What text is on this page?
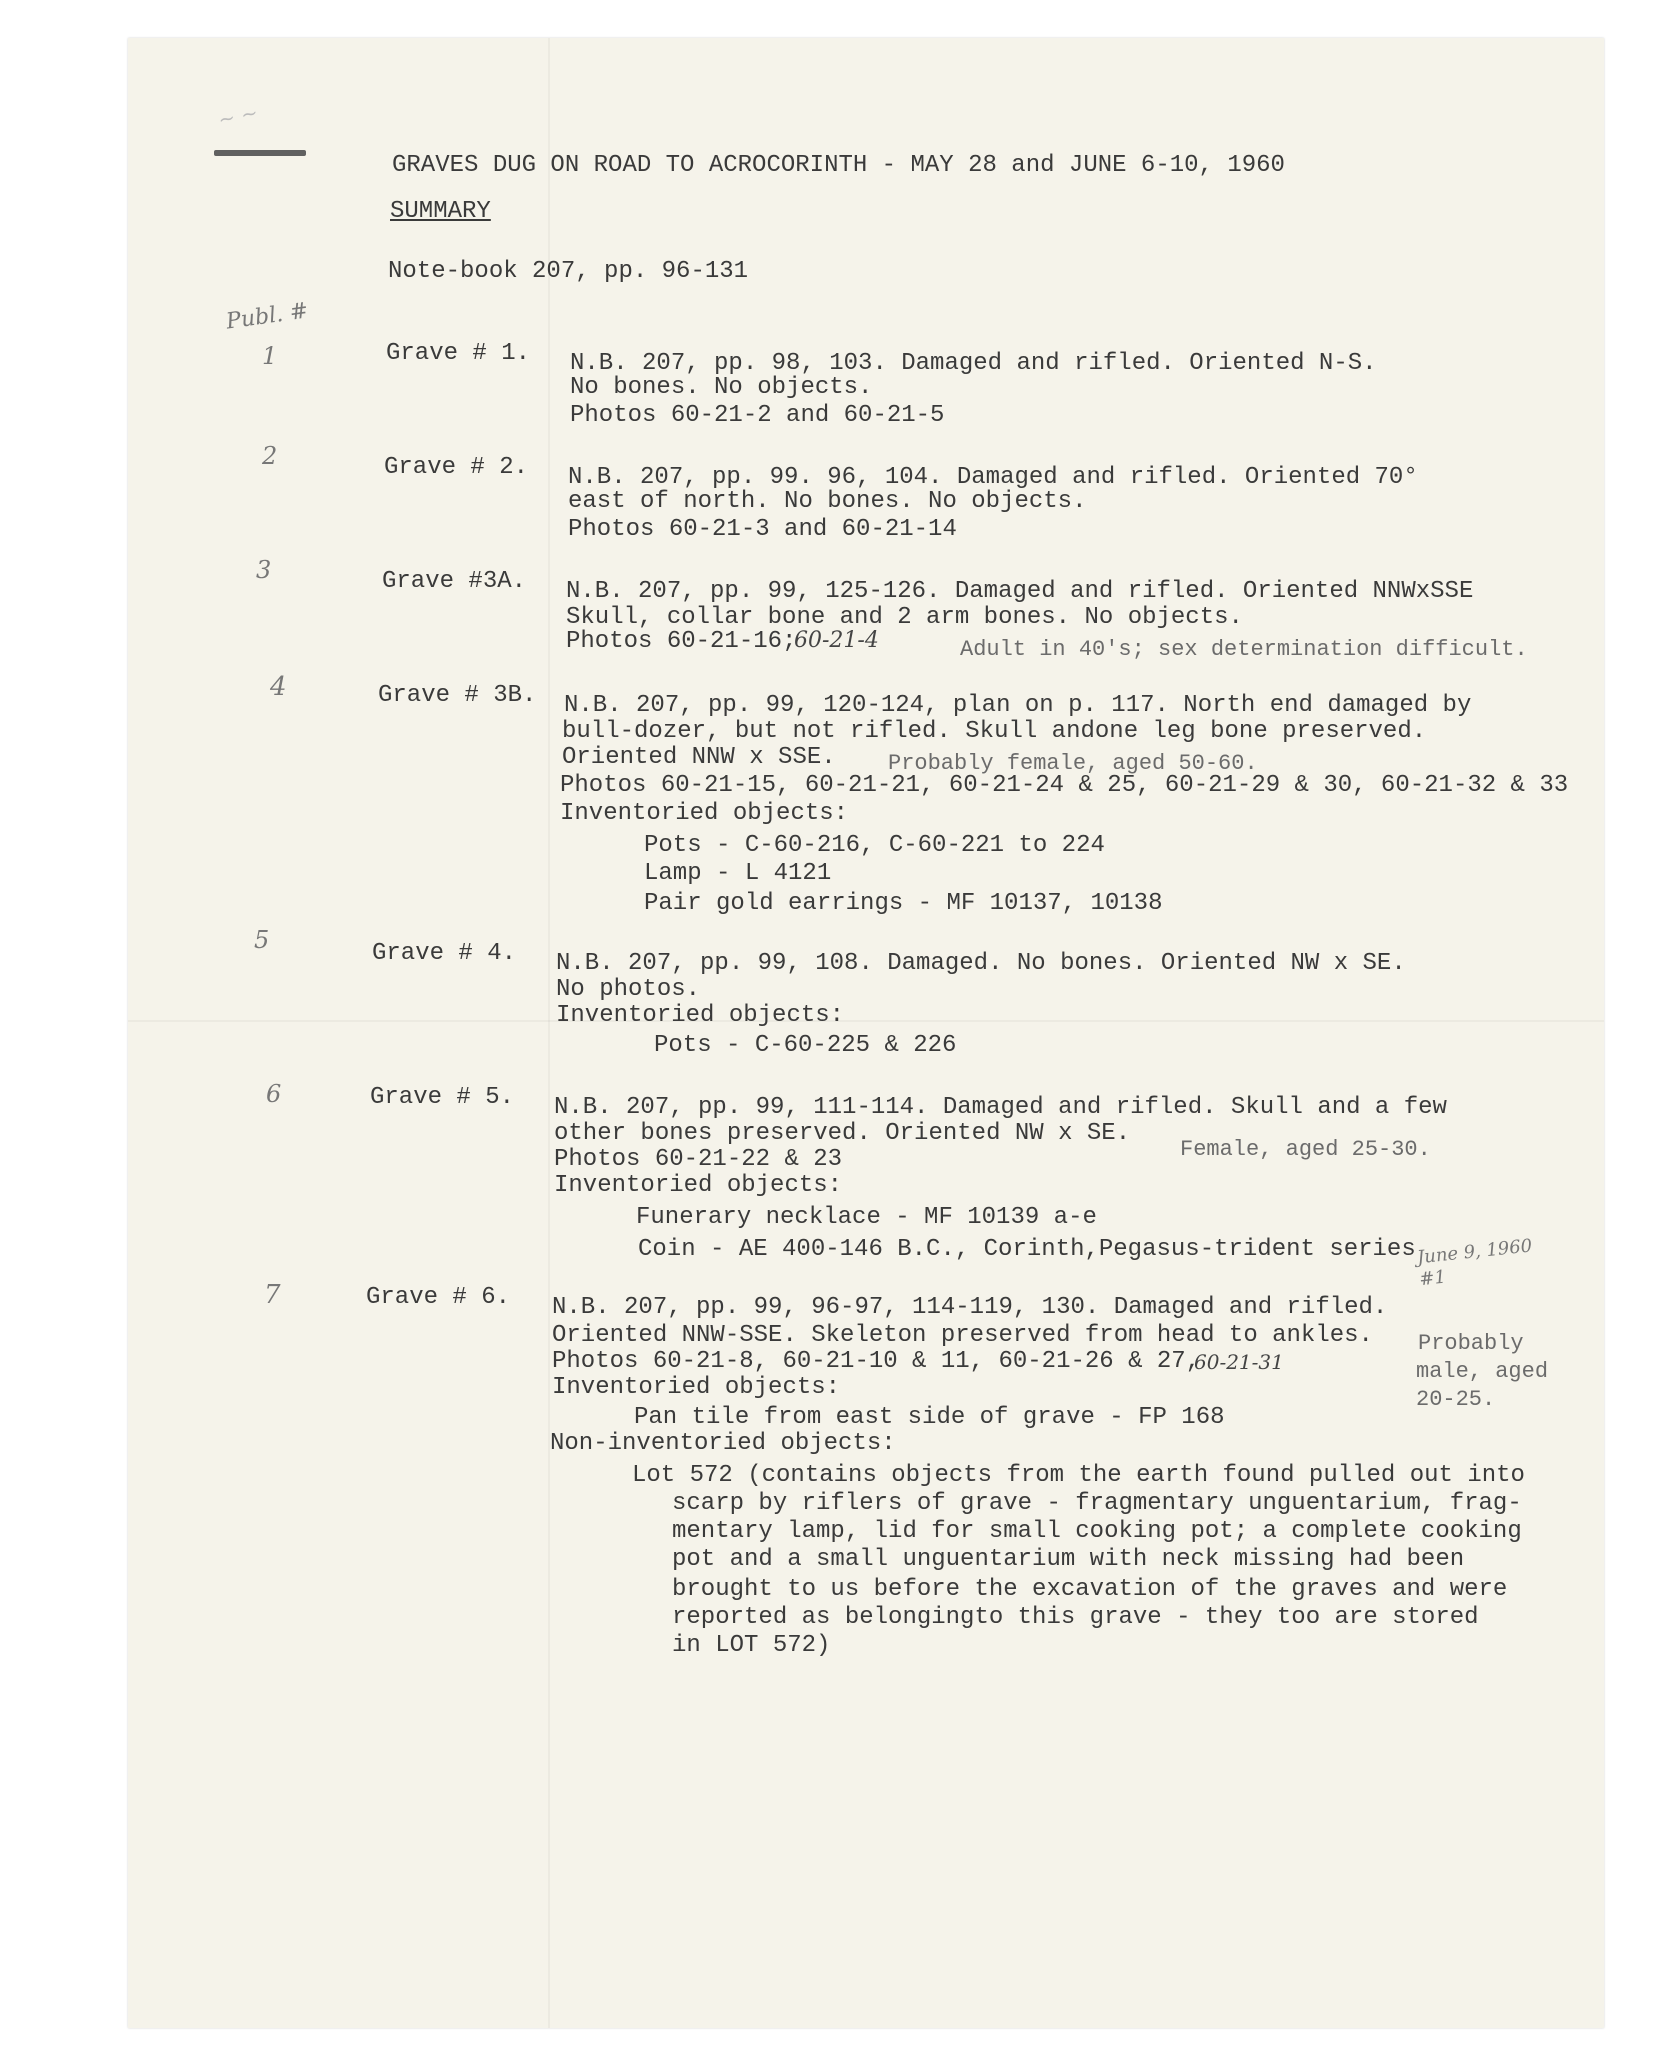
~ ~
GRAVES DUG ON ROAD TO ACROCORINTH - MAY 28 and JUNE 6-10, 1960
SUMMARY
Note-book 207, pp. 96-131
Publ. #
1	Grave # 1. N.B. 207, pp. 98, 103. Damaged and rifled. Oriented N-S.
No bones. No objects.
Photos 60-21-2 and 60-21-5
2	Grave # 2. N.B. 207, pp. 99. 96, 104. Damaged and rifled. Oriented 70°
east of north. No bones. No objects.
Photos 60-21-3 and 60-21-14
3	Grave #3A. N.B. 207, pp. 99, 125-126. Damaged and rifled. Oriented NNWxSSE
Skull, collar bone and 2 arm bones. No objects.
Photos 60-21-16;
60-21-4	Adult in 40's; sex determination difficult.
4	Grave # 3B. N.B. 207, pp. 99, 120-124, plan on p. 117. North end damaged by
bull-dozer, but not rifled. Skull andone leg bone preserved.
Oriented NNW x SSE. Probably female, aged 50-60.
Photos 60-21-15, 60-21-21, 60-21-24 & 25, 60-21-29 & 30, 60-21-32 & 33
Inventoried objects:
Pots - C-60-216, C-60-221 to 224
Lamp - L 4121
Pair gold earrings - MF 10137, 10138
5	Grave # 4. N.B. 207, pp. 99, 108. Damaged. No bones. Oriented NW x SE.
No photos.
Inventoried objects:
Pots - C-60-225 & 226
6	Grave # 5. N.B. 207, pp. 99, 111-114. Damaged and rifled. Skull and a few
other bones preserved. Oriented NW x SE.
Female, aged 25-30.
Photos 60-21-22 & 23
Inventoried objects:
Funerary necklace - MF 10139 a-e
Coin - AE 400-146 B.C., Corinth,Pegasus-trident series June 9, 1960 #1
7	Grave # 6. N.B. 207, pp. 99, 96-97, 114-119, 130. Damaged and rifled.
Oriented NNW-SSE. Skeleton preserved from head to ankles.
Photos 60-21-8, 60-21-10 & 11, 60-21-26 & 27,
60-21-31
Inventoried objects:
Probably
male, aged
20-25.
Pan tile from east side of grave - FP 168
Non-inventoried objects:
Lot 572 (contains objects from the earth found pulled out into
scarp by riflers of grave - fragmentary unguentarium, frag-
mentary lamp, lid for small cooking pot; a complete cooking
pot and a small unguentarium with neck missing had been
brought to us before the excavation of the graves and were
reported as belongingto this grave - they too are stored
in LOT 572)
